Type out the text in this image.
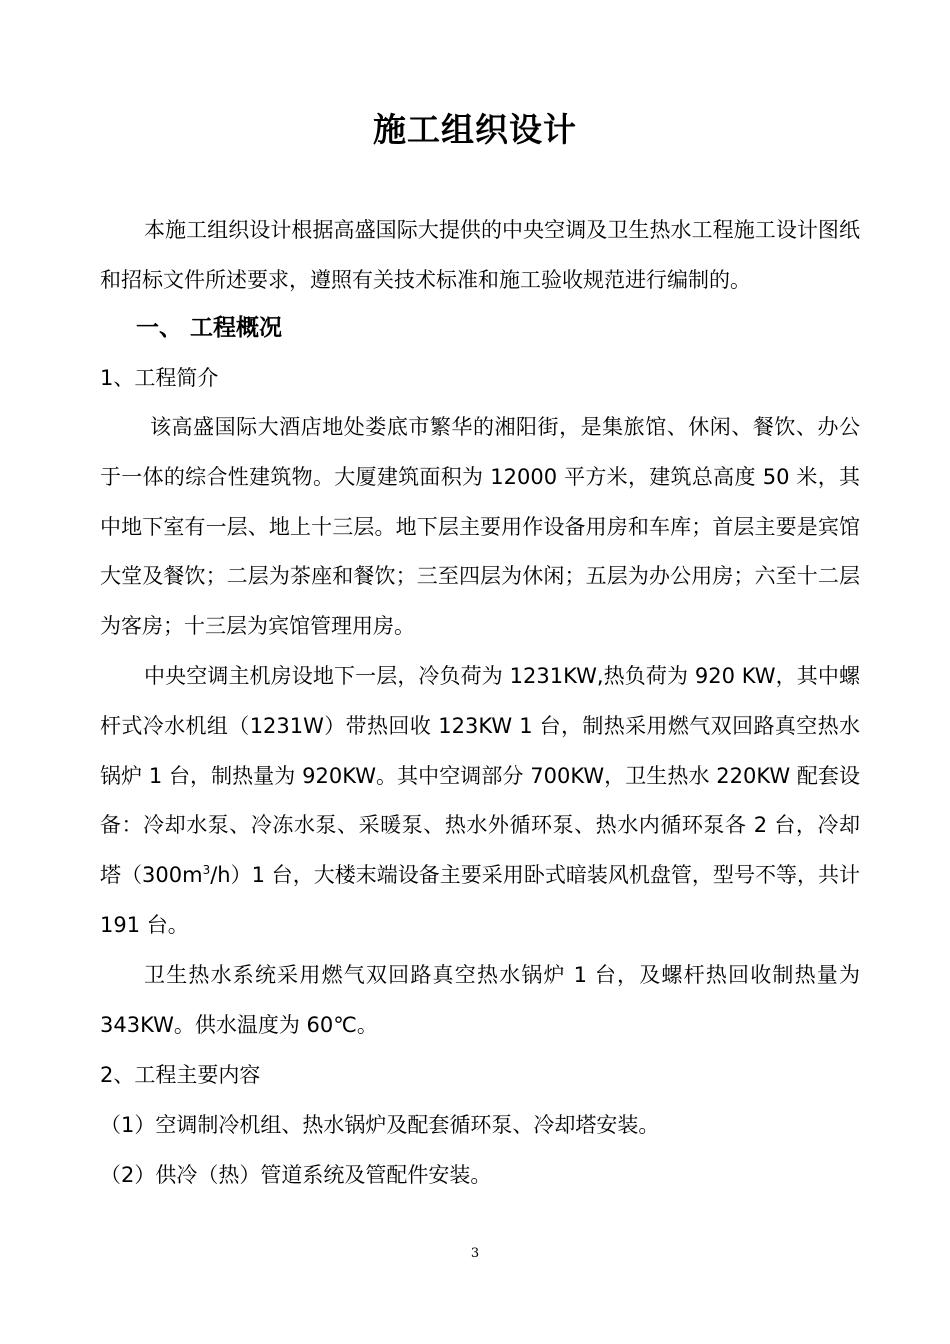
施工组织设计
本施工组织设计根据高盛国际大提供的中央空调及卫生热水工程施工设计图纸和招标文件所述要求，遵照有关技术标准和施工验收规范进行编制的。
一、 工程概况
1、工程简介
该高盛国际大酒店地处娄底市繁华的湘阳街，是集旅馆、休闲、餐饮、办公于一体的综合性建筑物。大厦建筑面积为 12000 平方米，建筑总高度 50 米，其中地下室有一层、地上十三层。地下层主要用作设备用房和车库；首层主要是宾馆大堂及餐饮；二层为茶座和餐饮；三至四层为休闲；五层为办公用房；六至十二层为客房；十三层为宾馆管理用房。
中央空调主机房设地下一层，冷负荷为 1231KW,热负荷为 920 KW，其中螺杆式冷水机组（1231W）带热回收 123KW 1 台，制热采用燃气双回路真空热水锅炉 1 台，制热量为 920KW。其中空调部分 700KW，卫生热水 220KW 配套设备：冷却水泵、冷冻水泵、采暖泵、热水外循环泵、热水内循环泵各 2 台，冷却塔$(300m^3/h)1$ 台，大楼末端设备主要采用卧式暗装风机盘管，型号不等，共计 191 台。
卫生热水系统采用燃气双回路真空热水锅炉 1 台，及螺杆热回收制热量为 343KW。供水温度为 60℃。
2、工程主要内容
（1）空调制冷机组、热水锅炉及配套循环泵、冷却塔安装。
（2）供冷（热）管道系统及管配件安装。
3
